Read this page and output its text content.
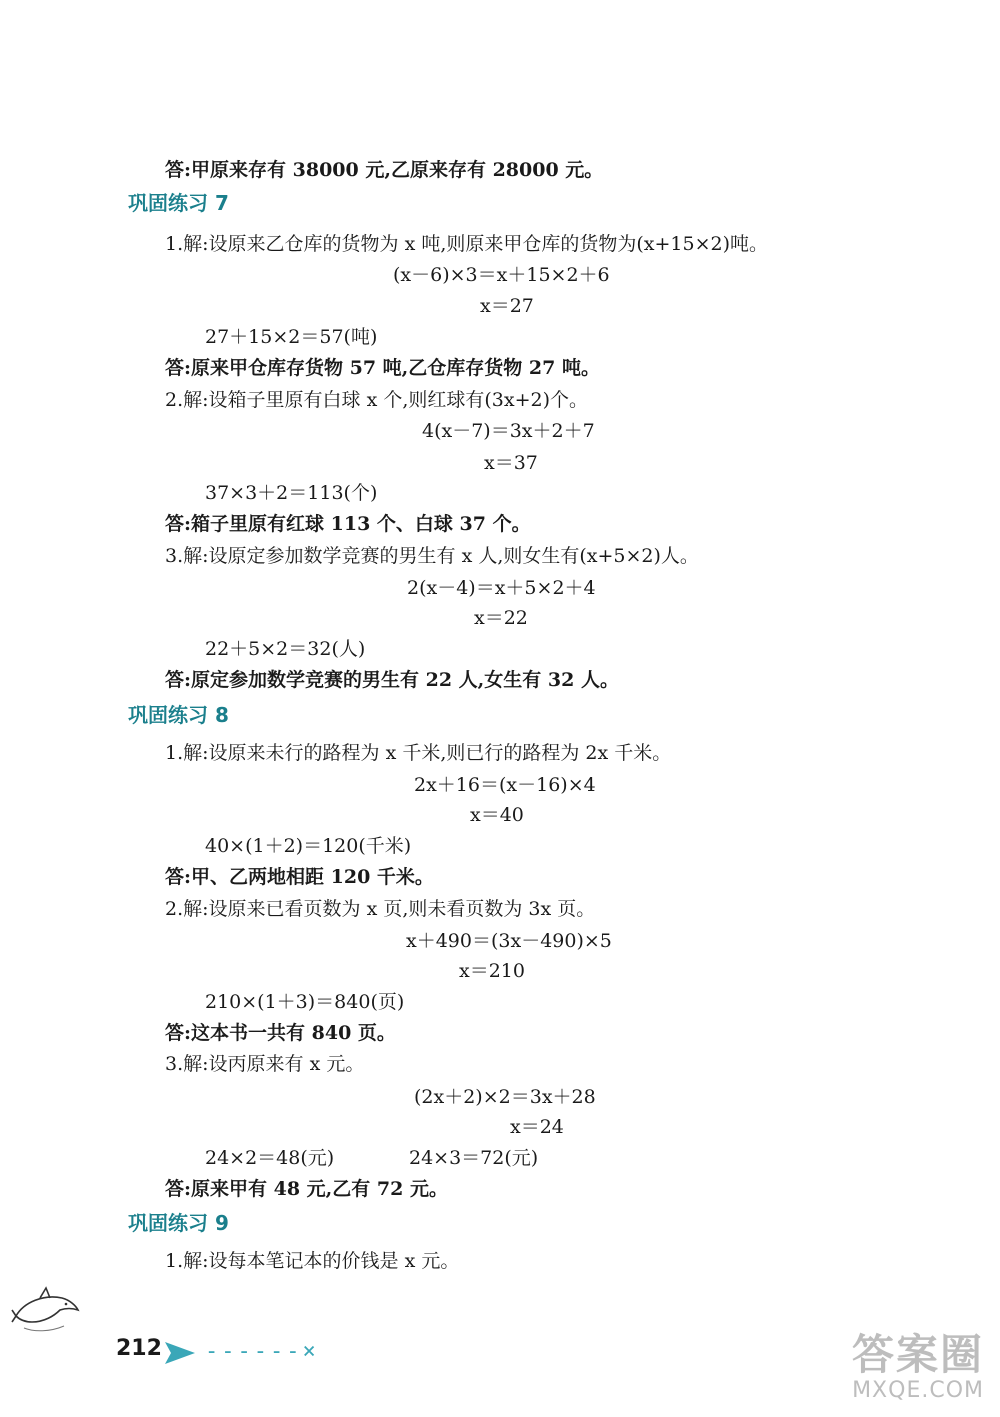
答:甲原来存有 38000 元,乙原来存有 28000 元。
巩固练习 7
1.解:设原来乙仓库的货物为 x 吨,则原来甲仓库的货物为(x+15×2)吨。
(x－6)×3＝x＋15×2＋6
x＝27
27＋15×2＝57(吨)
答:原来甲仓库存货物 57 吨,乙仓库存货物 27 吨。
2.解:设箱子里原有白球 x 个,则红球有(3x+2)个。
4(x－7)＝3x＋2＋7
x＝37
37×3＋2＝113(个)
答:箱子里原有红球 113 个、白球 37 个。
3.解:设原定参加数学竞赛的男生有 x 人,则女生有(x+5×2)人。
2(x－4)＝x＋5×2＋4
x＝22
22＋5×2＝32(人)
答:原定参加数学竞赛的男生有 22 人,女生有 32 人。
巩固练习 8
1.解:设原来未行的路程为 x 千米,则已行的路程为 2x 千米。
2x＋16＝(x－16)×4
x＝40
40×(1＋2)＝120(千米)
答:甲、乙两地相距 120 千米。
2.解:设原来已看页数为 x 页,则未看页数为 3x 页。
x＋490＝(3x－490)×5
x＝210
210×(1＋3)＝840(页)
答:这本书一共有 840 页。
3.解:设丙原来有 x 元。
(2x＋2)×2＝3x＋28
x＝24
24×2＝48(元)	24×3＝72(元)
答:原来甲有 48 元,乙有 72 元。
巩固练习 9
1.解:设每本笔记本的价钱是 x 元。
212 ------×	答案圈
MXQE.COM
